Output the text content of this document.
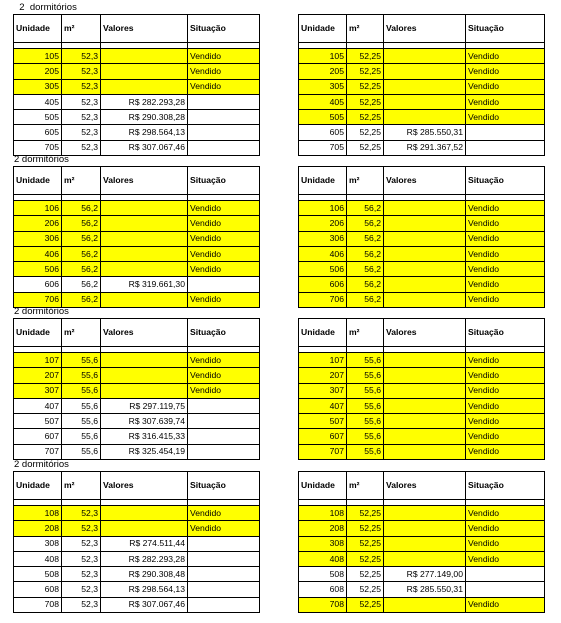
2  dormitórios
Unidade	m²	Valores	Situação

105	52,3		Vendido
205	52,3		Vendido
305	52,3		Vendido
405	52,3	R$ 282.293,28	
505	52,3	R$ 290.308,28	
605	52,3	R$ 298.564,13	
705	52,3	R$ 307.067,46	
Unidade	m²	Valores	Situação

105	52,25		Vendido
205	52,25		Vendido
305	52,25		Vendido
405	52,25		Vendido
505	52,25		Vendido
605	52,25	R$ 285.550,31	
705	52,25	R$ 291.367,52	
2 dormitórios
Unidade	m²	Valores	Situação

106	56,2		Vendido
206	56,2		Vendido
306	56,2		Vendido
406	56,2		Vendido
506	56,2		Vendido
606	56,2	R$ 319.661,30	
706	56,2		Vendido
Unidade	m²	Valores	Situação

106	56,2		Vendido
206	56,2		Vendido
306	56,2		Vendido
406	56,2		Vendido
506	56,2		Vendido
606	56,2		Vendido
706	56,2		Vendido
2 dormitórios
Unidade	m²	Valores	Situação

107	55,6		Vendido
207	55,6		Vendido
307	55,6		Vendido
407	55,6	R$ 297.119,75	
507	55,6	R$ 307.639,74	
607	55,6	R$ 316.415,33	
707	55,6	R$ 325.454,19	
Unidade	m²	Valores	Situação

107	55,6		Vendido
207	55,6		Vendido
307	55,6		Vendido
407	55,6		Vendido
507	55,6		Vendido
607	55,6		Vendido
707	55,6		Vendido
2 dormitórios
Unidade	m²	Valores	Situação

108	52,3		Vendido
208	52,3		Vendido
308	52,3	R$ 274.511,44	
408	52,3	R$ 282.293,28	
508	52,3	R$ 290.308,48	
608	52,3	R$ 298.564,13	
708	52,3	R$ 307.067,46	
Unidade	m²	Valores	Situação

108	52,25		Vendido
208	52,25		Vendido
308	52,25		Vendido
408	52,25		Vendido
508	52,25	R$ 277.149,00	
608	52,25	R$ 285.550,31	
708	52,25		Vendido
